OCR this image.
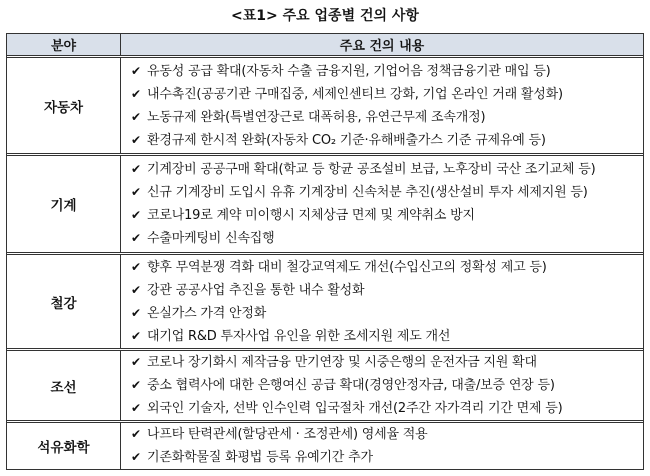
<표1> 주요 업종별 건의 사항
분야	주요 건의 내용
자동차
✔ 유동성 공급 확대(자동차 수출 금융지원, 기업어음 정책금융기관 매입 등)
✔ 내수촉진(공공기관 구매집중, 세제인센티브 강화, 기업 온라인 거래 활성화)
✔ 노동규제 완화(특별연장근로 대폭허용, 유연근무제 조속개정)
✔ 환경규제 한시적 완화(자동차 CO₂ 기준·유해배출가스 기준 규제유예 등)
기계
✔ 기계장비 공공구매 확대(학교 등 항균 공조설비 보급, 노후장비 국산 조기교체 등)
✔ 신규 기계장비 도입시 유휴 기계장비 신속처분 추진(생산설비 투자 세제지원 등)
✔ 코로나19로 계약 미이행시 지체상금 면제 및 계약취소 방지
✔ 수출마케팅비 신속집행
철강
✔ 향후 무역분쟁 격화 대비 철강교역제도 개선(수입신고의 정확성 제고 등)
✔ 강관 공공사업 추진을 통한 내수 활성화
✔ 온실가스 가격 안정화
✔ 대기업 R&D 투자사업 유인을 위한 조세지원 제도 개선
조선
✔ 코로나 장기화시 제작금융 만기연장 및 시중은행의 운전자금 지원 확대
✔ 중소 협력사에 대한 은행여신 공급 확대(경영안정자금, 대출/보증 연장 등)
✔ 외국인 기술자, 선박 인수인력 입국절차 개선(2주간 자가격리 기간 면제 등)
석유화학
✔ 나프타 탄력관세(할당관세 · 조정관세) 영세율 적용
✔ 기존화학물질 화평법 등록 유예기간 추가
